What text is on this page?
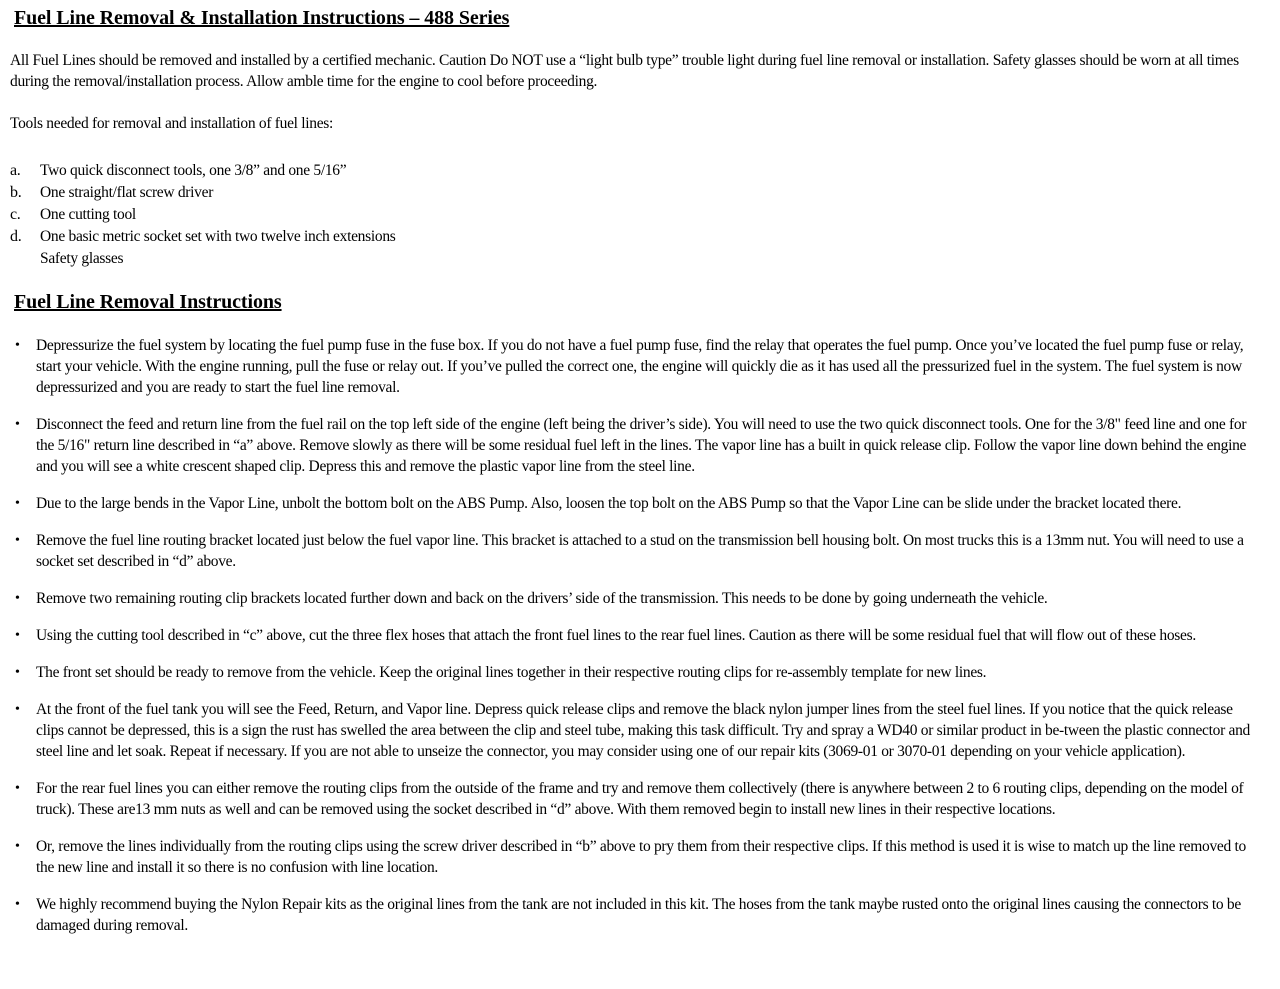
Fuel Line Removal & Installation Instructions – 488 Series

All Fuel Lines should be removed and installed by a certified mechanic. Caution Do NOT use a “light bulb type” trouble light during fuel line removal or installation. Safety glasses should be worn at all times during the removal/installation process. Allow amble time for the engine to cool before proceeding.

Tools needed for removal and installation of fuel lines:

a.	Two quick disconnect tools, one 3/8” and one 5/16”
b.	One straight/flat screw driver
c.	One cutting tool
d.	One basic metric socket set with two twelve inch extensions
Safety glasses
Fuel Line Removal Instructions
•	Depressurize the fuel system by locating the fuel pump fuse in the fuse box. If you do not have a fuel pump fuse, find the relay that operates the fuel pump. Once you’ve located the fuel pump fuse or relay, start your vehicle. With the engine running, pull the fuse or relay out. If you’ve pulled the correct one, the engine will quickly die as it has used all the pressurized fuel in the system. The fuel system is now depressurized and you are ready to start the fuel line removal.
•	Disconnect the feed and return line from the fuel rail on the top left side of the engine (left being the driver’s side). You will need to use the two quick disconnect tools. One for the 3/8" feed line and one for the 5/16" return line described in “a” above. Remove slowly as there will be some residual fuel left in the lines. The vapor line has a built in quick release clip. Follow the vapor line down behind the engine and you will see a white crescent shaped clip. Depress this and remove the plastic vapor line from the steel line.
•	Due to the large bends in the Vapor Line, unbolt the bottom bolt on the ABS Pump. Also, loosen the top bolt on the ABS Pump so that the Vapor Line can be slide under the bracket located there.
•	Remove the fuel line routing bracket located just below the fuel vapor line. This bracket is attached to a stud on the transmission bell housing bolt. On most trucks this is a 13mm nut. You will need to use a socket set described in “d” above.
•	Remove two remaining routing clip brackets located further down and back on the drivers’ side of the transmission. This needs to be done by going underneath the vehicle.
•	Using the cutting tool described in “c” above, cut the three flex hoses that attach the front fuel lines to the rear fuel lines. Caution as there will be some residual fuel that will flow out of these hoses.
•	The front set should be ready to remove from the vehicle. Keep the original lines together in their respective routing clips for re-assembly template for new lines.
•	At the front of the fuel tank you will see the Feed, Return, and Vapor line. Depress quick release clips and remove the black nylon jumper lines from the steel fuel lines. If you notice that the quick release clips cannot be depressed, this is a sign the rust has swelled the area between the clip and steel tube, making this task difficult. Try and spray a WD40 or similar product in be-tween the plastic connector and steel line and let soak. Repeat if necessary. If you are not able to unseize the connector, you may consider using one of our repair kits (3069-01 or 3070-01 depending on your vehicle application).
•	For the rear fuel lines you can either remove the routing clips from the outside of the frame and try and remove them collectively (there is anywhere between 2 to 6 routing clips, depending on the model of truck). These are13 mm nuts as well and can be removed using the socket described in “d” above. With them removed begin to install new lines in their respective locations.
•	Or, remove the lines individually from the routing clips using the screw driver described in “b” above to pry them from their respective clips. If this method is used it is wise to match up the line removed to the new line and install it so there is no confusion with line location.
•	We highly recommend buying the Nylon Repair kits as the original lines from the tank are not included in this kit. The hoses from the tank maybe rusted onto the original lines causing the connectors to be damaged during removal.
